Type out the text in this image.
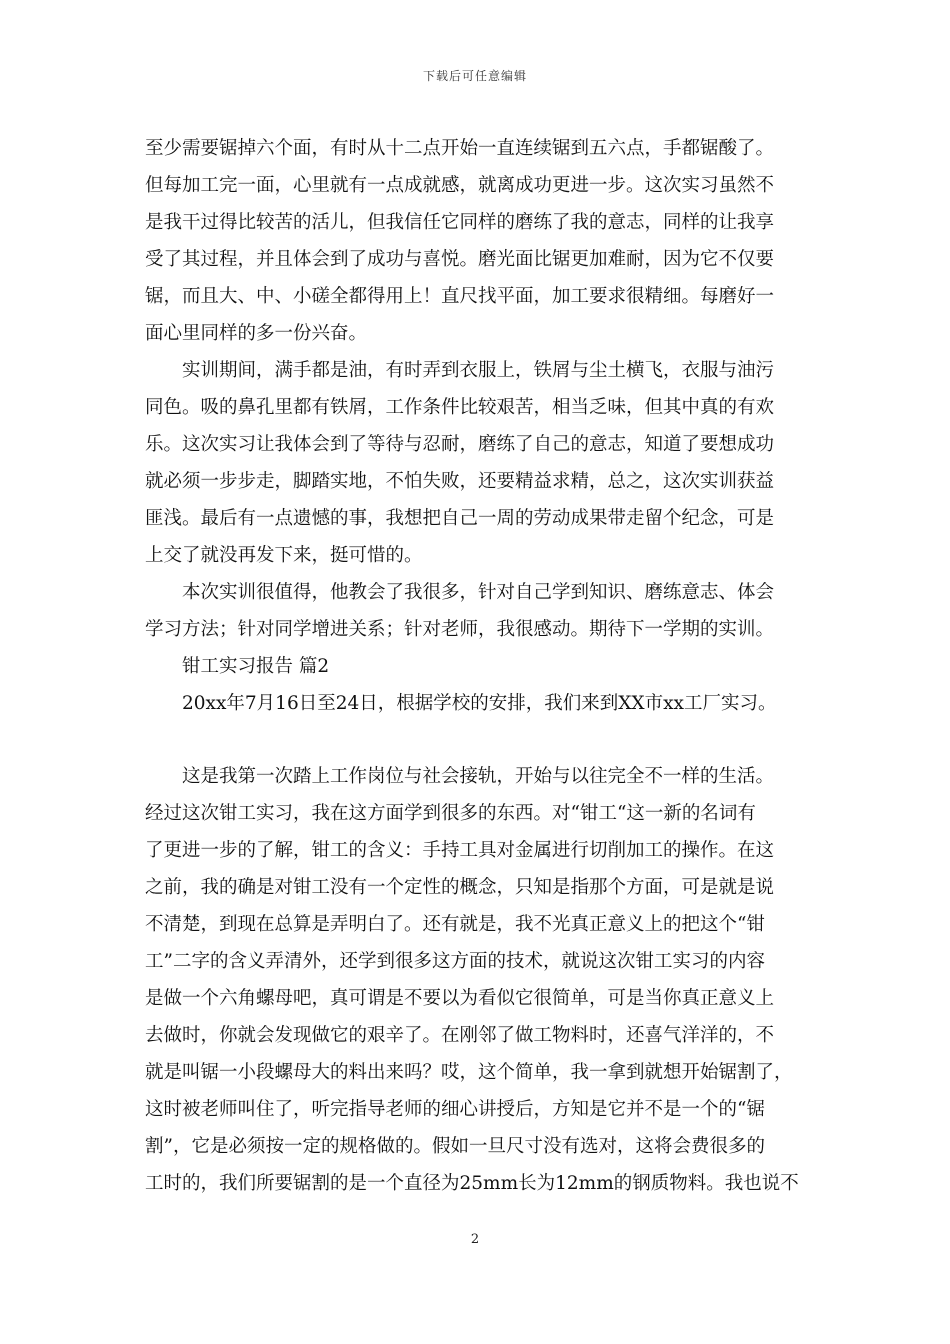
下载后可任意编辑

至少需要锯掉六个面，有时从十二点开始一直连续锯到五六点，手都锯酸了。
但每加工完一面，心里就有一点成就感，就离成功更进一步。这次实习虽然不
是我干过得比较苦的活儿，但我信任它同样的磨练了我的意志，同样的让我享
受了其过程，并且体会到了成功与喜悦。磨光面比锯更加难耐，因为它不仅要
锯，而且大、中、小磋全都得用上！直尺找平面，加工要求很精细。每磨好一
面心里同样的多一份兴奋。

实训期间，满手都是油，有时弄到衣服上，铁屑与尘土横飞，衣服与油污
同色。吸的鼻孔里都有铁屑，工作条件比较艰苦，相当乏味，但其中真的有欢
乐。这次实习让我体会到了等待与忍耐，磨练了自己的意志，知道了要想成功
就必须一步步走，脚踏实地，不怕失败，还要精益求精，总之，这次实训获益
匪浅。最后有一点遗憾的事，我想把自己一周的劳动成果带走留个纪念，可是
上交了就没再发下来，挺可惜的。

本次实训很值得，他教会了我很多，针对自己学到知识、磨练意志、体会
学习方法；针对同学增进关系；针对老师，我很感动。期待下一学期的实训。

钳工实习报告 篇2

20xx年7月16日至24日，根据学校的安排，我们来到XX市xx工厂实习。

这是我第一次踏上工作岗位与社会接轨，开始与以往完全不一样的生活。
经过这次钳工实习，我在这方面学到很多的东西。对“钳工“这一新的名词有
了更进一步的了解，钳工的含义：手持工具对金属进行切削加工的操作。在这
之前，我的确是对钳工没有一个定性的概念，只知是指那个方面，可是就是说
不清楚，到现在总算是弄明白了。还有就是，我不光真正意义上的把这个“钳
工”二字的含义弄清外，还学到很多这方面的技术，就说这次钳工实习的内容
是做一个六角螺母吧，真可谓是不要以为看似它很简单，可是当你真正意义上
去做时，你就会发现做它的艰辛了。在刚邻了做工物料时，还喜气洋洋的，不
就是叫锯一小段螺母大的料出来吗？哎，这个简单，我一拿到就想开始锯割了，
这时被老师叫住了，听完指导老师的细心讲授后，方知是它并不是一个的“锯
割”，它是必须按一定的规格做的。假如一旦尺寸没有选对，这将会费很多的
工时的，我们所要锯割的是一个直径为25mm长为12mm的钢质物料。我也说不

2
